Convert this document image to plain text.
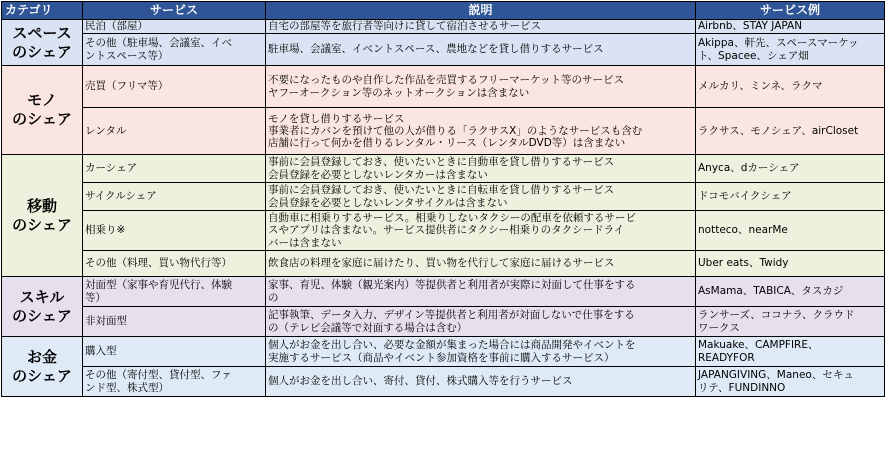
カテゴリ	サービス	説明	サービス例

スペース
のシェア	民泊（部屋）	自宅の部屋等を旅行者等向けに貸して宿泊させるサービス	Airbnb、STAY JAPAN

	その他（駐車場、会議室、イベ
ントスペース等）	駐車場、会議室、イベントスペース、農地などを貸し借りするサービス	Akippa、軒先、スペースマーケッ
ト、Spacee、シェア畑

モノ
のシェア	売買（フリマ等）	不要になったものや自作した作品を売買するフリーマーケット等のサービス
ヤフーオークション等のネットオークションは含まない	メルカリ、ミンネ、ラクマ

	レンタル	モノを貸し借りするサービス
事業者にカバンを預けて他の人が借りる「ラクサスX」のようなサービスも含む
店舗に行って何かを借りるレンタル・リース（レンタルDVD等）は含まない	ラクサス、モノシェア、airCloset

移動
のシェア	カーシェア	事前に会員登録しておき、使いたいときに自動車を貸し借りするサービス
会員登録を必要としないレンタカーは含まない	Anyca、dカーシェア

	サイクルシェア	事前に会員登録しておき、使いたいときに自転車を貸し借りするサービス
会員登録を必要としないレンタサイクルは含まない	ドコモバイクシェア

	相乗り※	自動車に相乗りするサービス。相乗りしないタクシーの配車を依頼するサービ
スやアプリは含まない。サービス提供者にタクシー相乗りのタクシードライ
バーは含まない	notteco、nearMe

	その他（料理、買い物代行等）	飲食店の料理を家庭に届けたり、買い物を代行して家庭に届けるサービス	Uber eats、Twidy

スキル
のシェア	対面型（家事や育児代行、体験
等）	家事、育児、体験（観光案内）等提供者と利用者が実際に対面して仕事をする
の	AsMama、TABICA、タスカジ

	非対面型	記事執筆、データ入力、デザイン等提供者と利用者が対面しないで仕事をする
の（テレビ会議等で対面する場合は含む）	ランサーズ、ココナラ、クラウド
ワークス

お金
のシェア	購入型	個人がお金を出し合い、必要な金額が集まった場合には商品開発やイベントを
実施するサービス（商品やイベント参加資格を事前に購入するサービス）	Makuake、CAMPFIRE、
READYFOR

	その他（寄付型、貸付型、ファ
ンド型、株式型）	個人がお金を出し合い、寄付、貸付、株式購入等を行うサービス	JAPANGIVING、Maneo、セキュ
リテ、FUNDINNO
